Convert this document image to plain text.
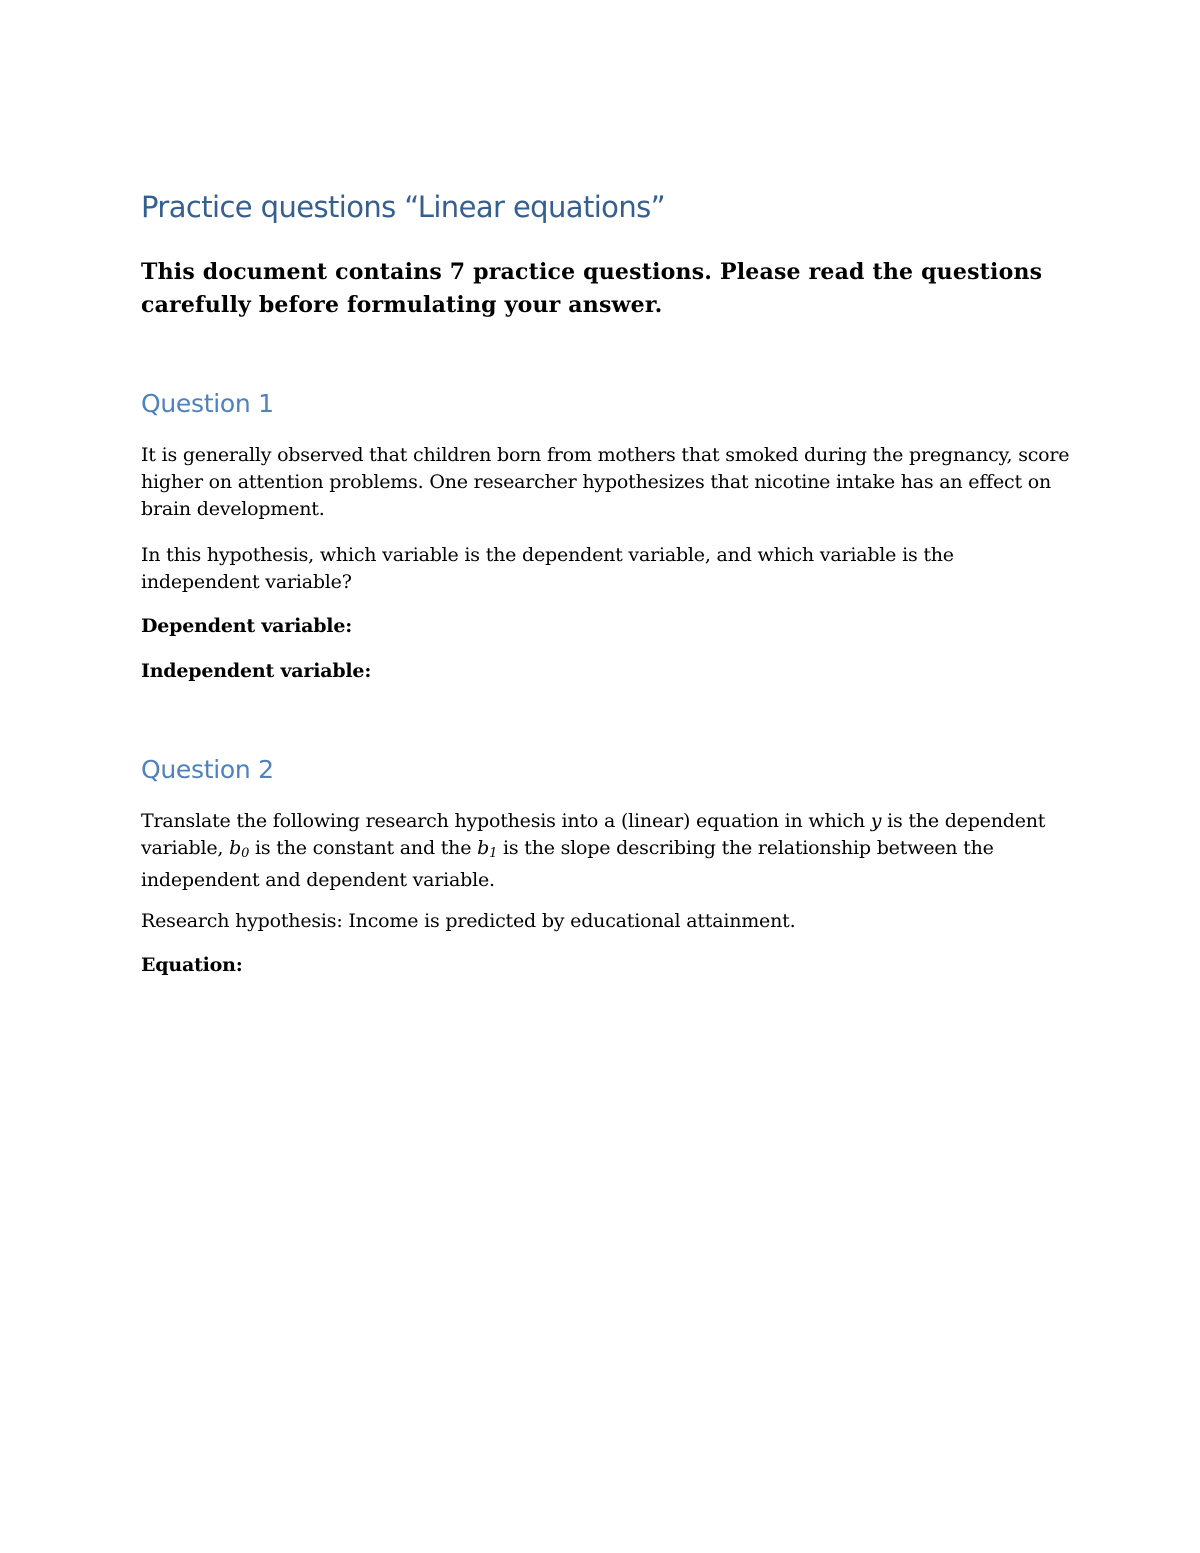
Practice questions “Linear equations”

This document contains 7 practice questions. Please read the questions carefully before formulating your answer.

Question 1

It is generally observed that children born from mothers that smoked during the pregnancy, score higher on attention problems. One researcher hypothesizes that nicotine intake has an effect on brain development.

In this hypothesis, which variable is the dependent variable, and which variable is the independent variable?

Dependent variable:

Independent variable:

Question 2

Translate the following research hypothesis into a (linear) equation in which y is the dependent variable, $b_0$ is the constant and the $b_1$ is the slope describing the relationship between the independent and dependent variable.

Research hypothesis: Income is predicted by educational attainment.

Equation:
